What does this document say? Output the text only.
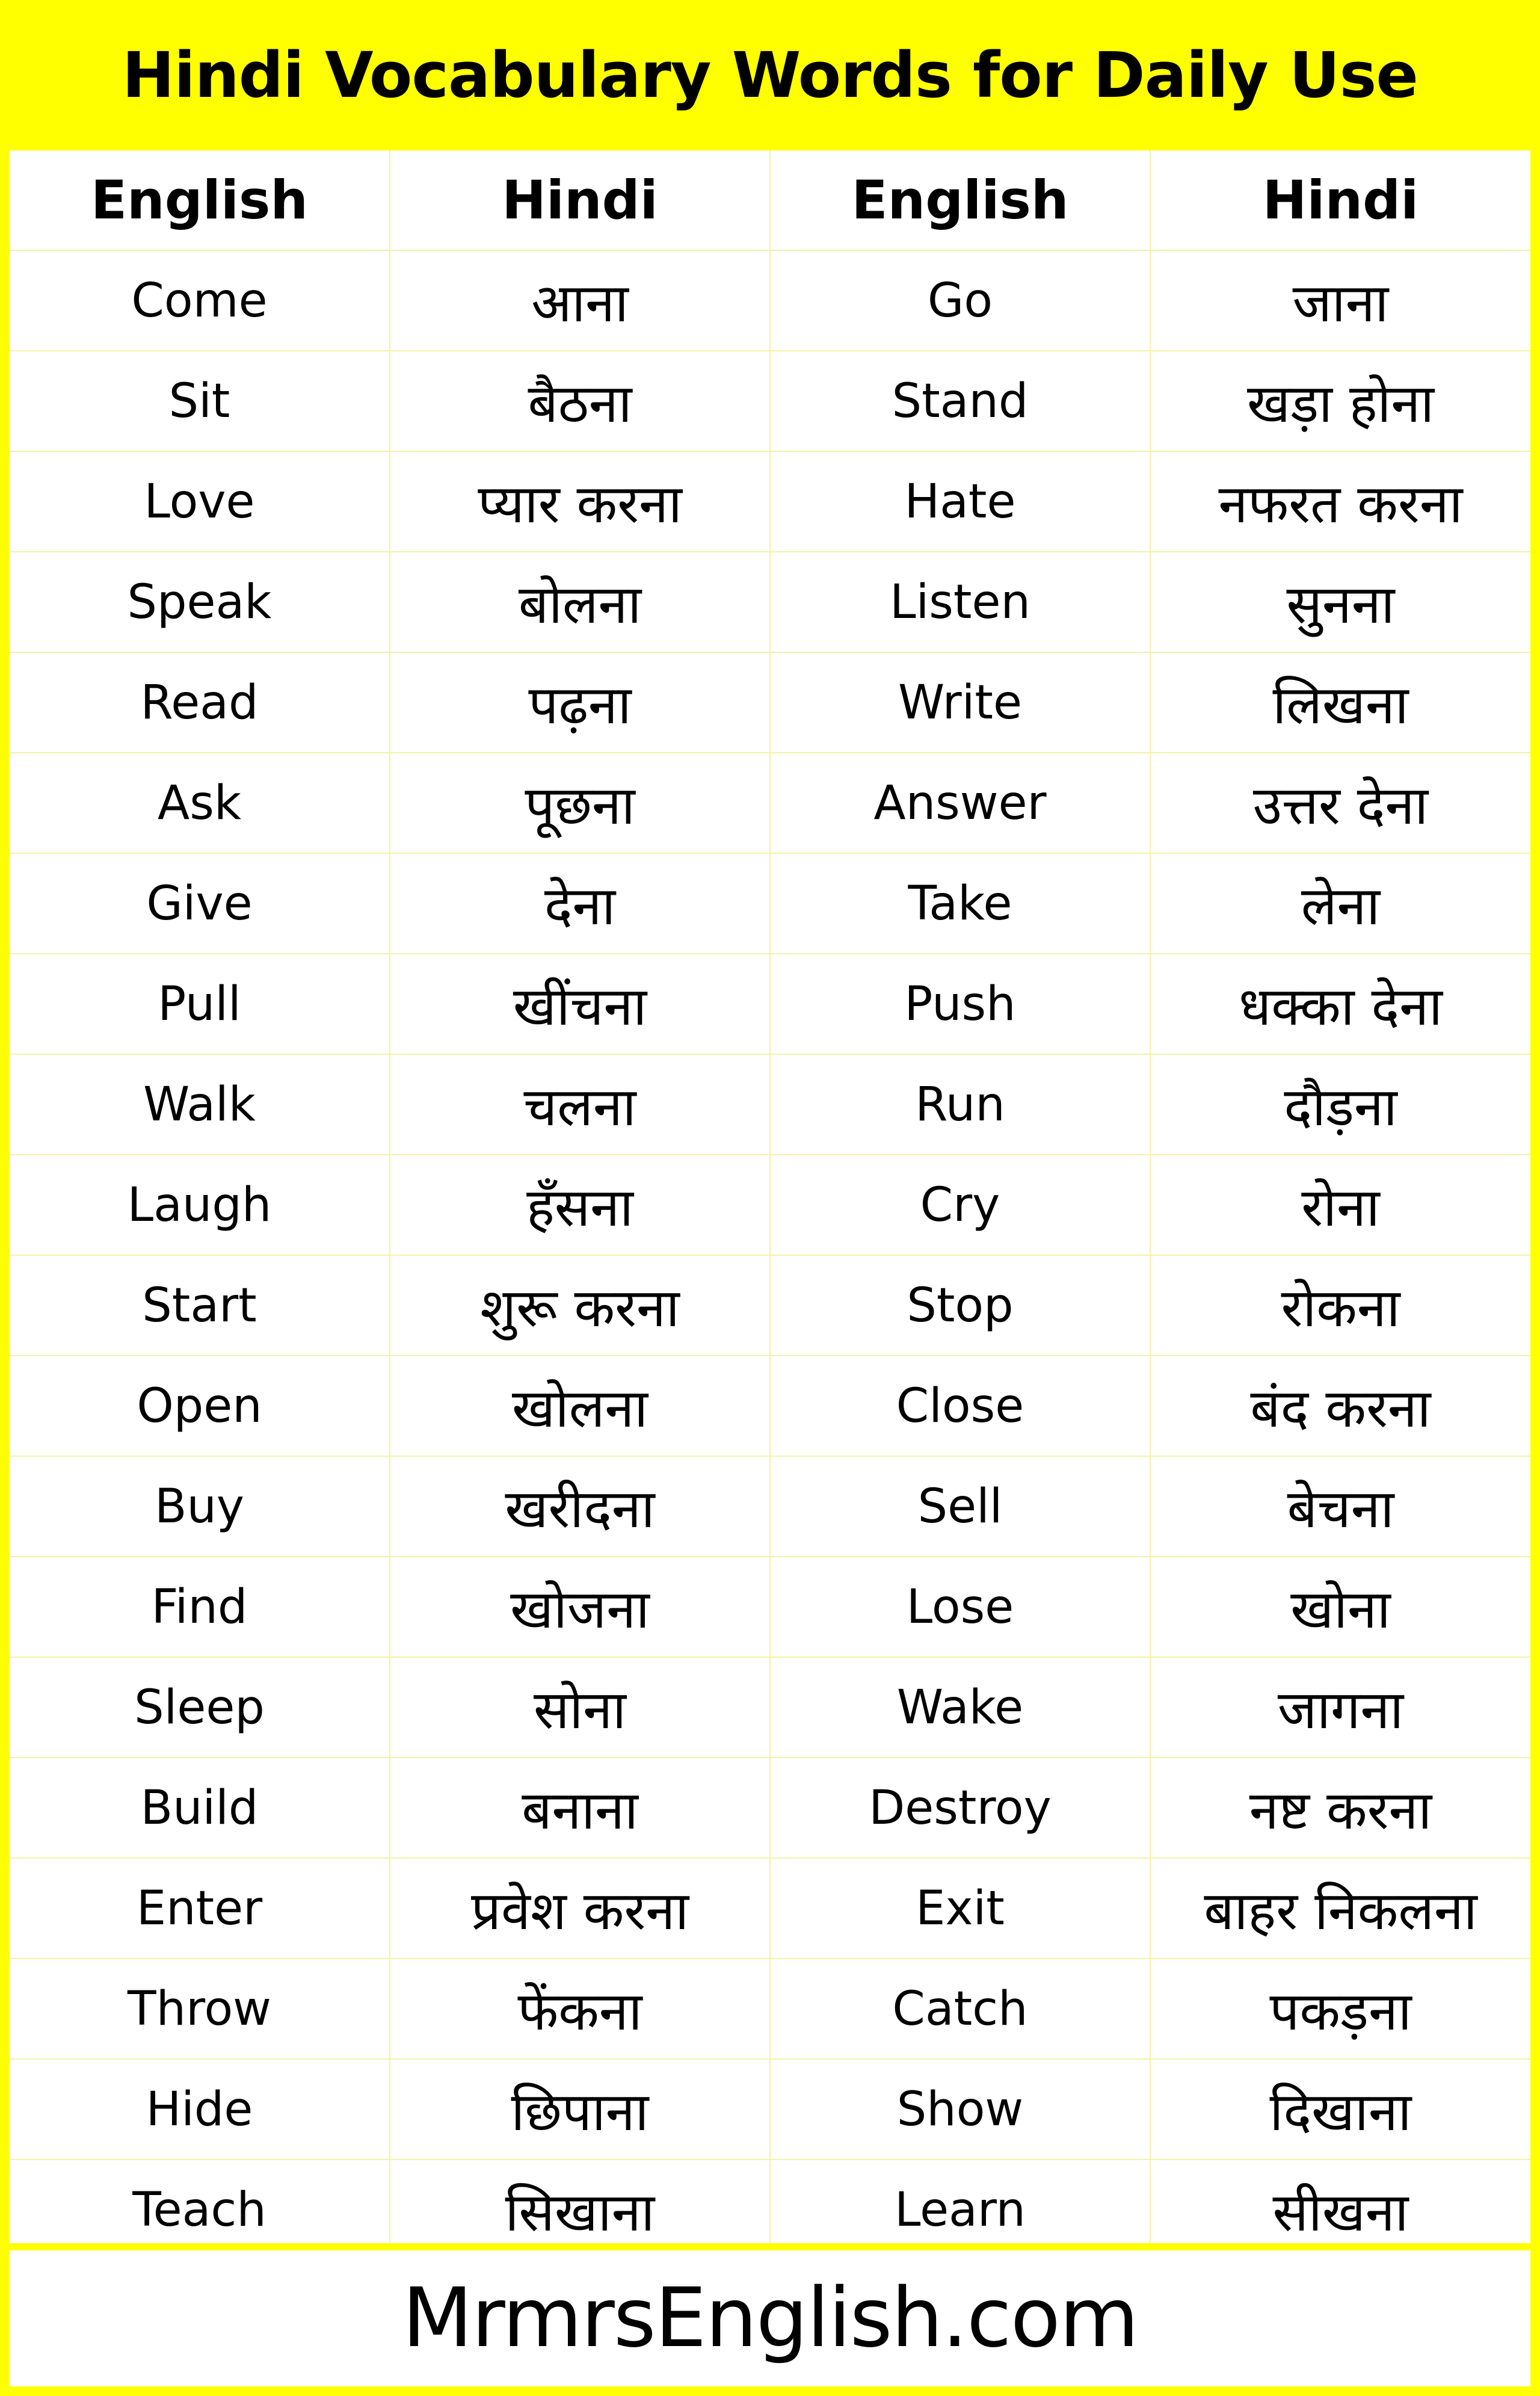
Hindi Vocabulary Words for Daily Use
English	Hindi	English	Hindi
Come	आना	Go	जाना
Sit	बैठना	Stand	खड़ा होना
Love	प्यार करना	Hate	नफरत करना
Speak	बोलना	Listen	सुनना
Read	पढ़ना	Write	लिखना
Ask	पूछना	Answer	उत्तर देना
Give	देना	Take	लेना
Pull	खींचना	Push	धक्का देना
Walk	चलना	Run	दौड़ना
Laugh	हँसना	Cry	रोना
Start	शुरू करना	Stop	रोकना
Open	खोलना	Close	बंद करना
Buy	खरीदना	Sell	बेचना
Find	खोजना	Lose	खोना
Sleep	सोना	Wake	जागना
Build	बनाना	Destroy	नष्ट करना
Enter	प्रवेश करना	Exit	बाहर निकलना
Throw	फेंकना	Catch	पकड़ना
Hide	छिपाना	Show	दिखाना
Teach	सिखाना	Learn	सीखना
MrmrsEnglish.com
